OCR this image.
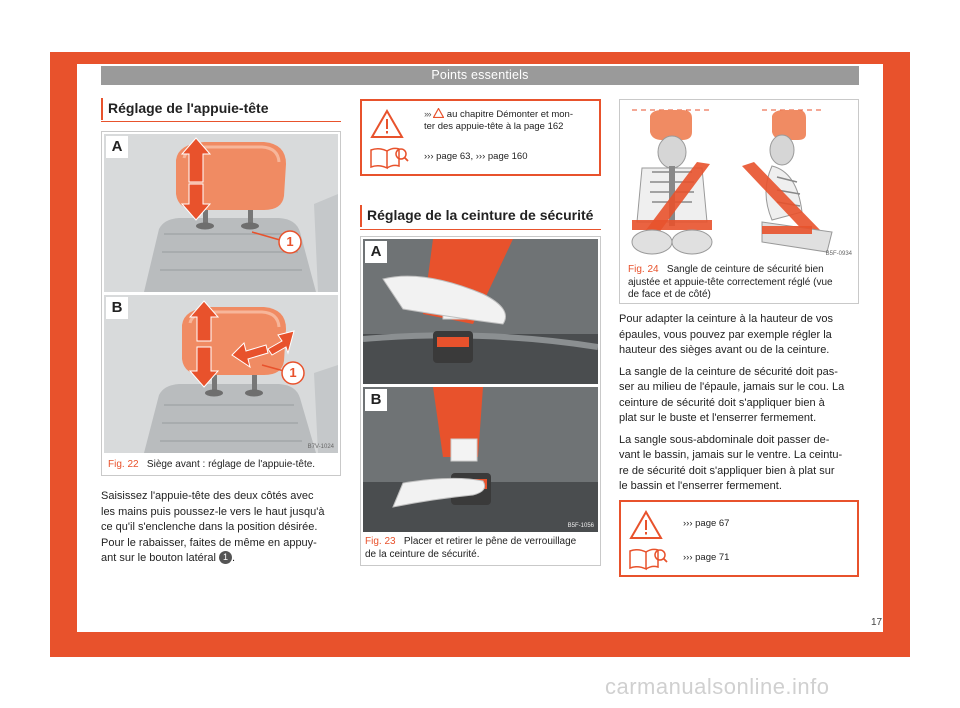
Points essentiels
Réglage de l'appuie-tête
A
1
B
1
B7V-1024
Fig. 22 Siège avant : réglage de l'appuie-tête.
Saisissez l'appuie-tête des deux côtés avec
les mains puis poussez-le vers le haut jusqu'à
ce qu'il s'enclenche dans la position désirée.
Pour le rabaisser, faites de même en appuy-
ant sur le bouton latéral 1 .
››› au chapitre Démonter et mon-
ter des appuie-tête à la page 162
››› page 63, ››› page 160
Réglage de la ceinture de sécurité
A
B
B5F-1056
Fig. 23 Placer et retirer le pêne de verrouillage
de la ceinture de sécurité.
B5F-0934
Fig. 24 Sangle de ceinture de sécurité bien
ajustée et appuie-tête correctement réglé (vue
de face et de côté)

Pour adapter la ceinture à la hauteur de vos
épaules, vous pouvez par exemple régler la
hauteur des sièges avant ou de la ceinture.

La sangle de la ceinture de sécurité doit pas-
ser au milieu de l'épaule, jamais sur le cou. La
ceinture de sécurité doit s'appliquer bien à
plat sur le buste et l'enserrer fermement.

La sangle sous-abdominale doit passer de-
vant le bassin, jamais sur le ventre. La ceintu-
re de sécurité doit s'appliquer bien à plat sur
le bassin et l'enserrer fermement.

››› page 67
››› page 71
17
carmanualsonline.info
